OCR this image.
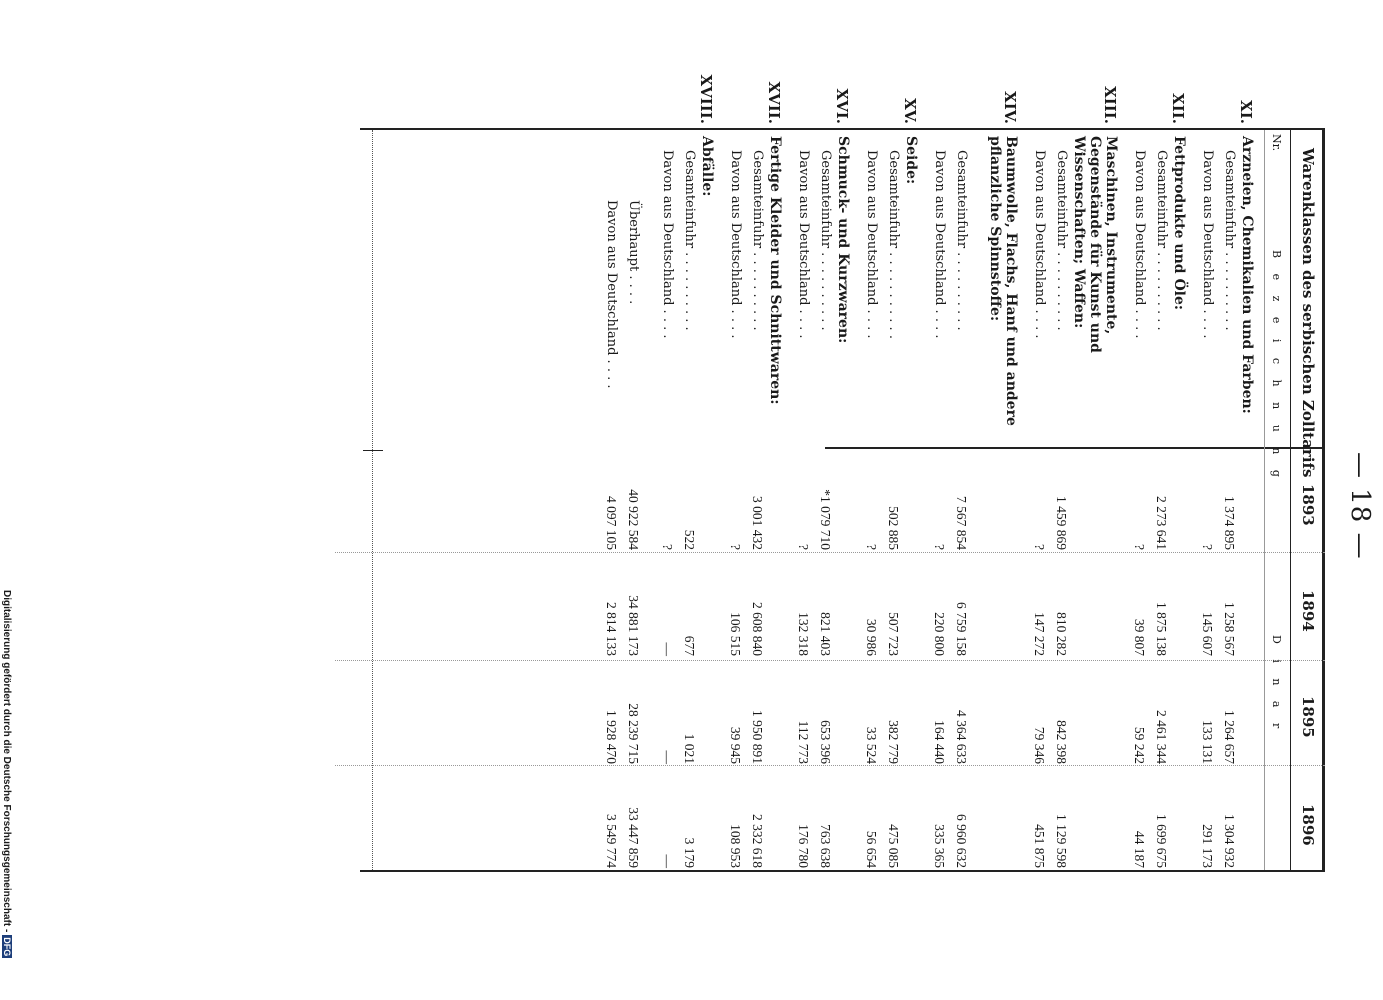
Digitalisierung gefördert durch die Deutsche Forschungsgemeinschaft -DFG
— 18 —
Warenklassen des serbischen Zolltarifs
1893
1894
1895
1896
Nr.
B e z e i c h n u n g
D i n a r
XI.
Arzneien, Chemikalien und Farben:
Gesamteinfuhr . . . . . . . . . .
1 374 895
1 258 567
1 264 657
1 304 932
Davon aus Deutschland . . . .
?
145 607
133 131
291 173
XII.
Fettprodukte und Öle:
Gesamteinfuhr . . . . . . . . . .
2 273 641
1 875 138
2 461 344
1 699 675
Davon aus Deutschland . . . .
?
39 807
59 242
44 187
XIII.
Maschinen, Instrumente, Gegenstände für Kunst und Wissenschaften; Waffen:
Gesamteinfuhr . . . . . . . . . .
1 459 869
810 282
842 398
1 129 598
Davon aus Deutschland . . . .
?
147 272
79 346
451 875
XIV.
Baumwolle, Flachs, Hanf und andere pflanzliche Spinnstoffe:
Gesamteinfuhr . . . . . . . . . .
7 567 854
6 759 158
4 364 633
6 960 632
Davon aus Deutschland . . . .
?
220 800
164 440
335 365
XV.
Seide:
Gesamteinfuhr . . . . . . . . . . .
502 885
507 723
382 779
475 085
Davon aus Deutschland . . . .
?
30 986
33 524
56 654
XVI.
Schmuck- und Kurzwaren:
Gesamteinfuhr . . . . . . . . . .
*1 079 710
821 403
653 396
763 638
Davon aus Deutschland . . . .
?
132 318
112 773
176 780
XVII.
Fertige Kleider und Schnittwaren:
Gesamteinfuhr . . . . . . . . . .
3 001 432
2 608 840
1 950 891
2 332 618
Davon aus Deutschland . . . .
?
106 515
39 945
108 953
XVIII.
Abfälle:
Gesamteinfuhr . . . . . . . . . .
522
677
1 021
3 179
Davon aus Deutschland . . . .
?
—
—
—
Überhaupt . . . .
40 922 584
34 881 173
28 239 715
33 447 859
Davon aus Deutschland . . . .
4 097 105
2 814 133
1 928 470
3 549 774
